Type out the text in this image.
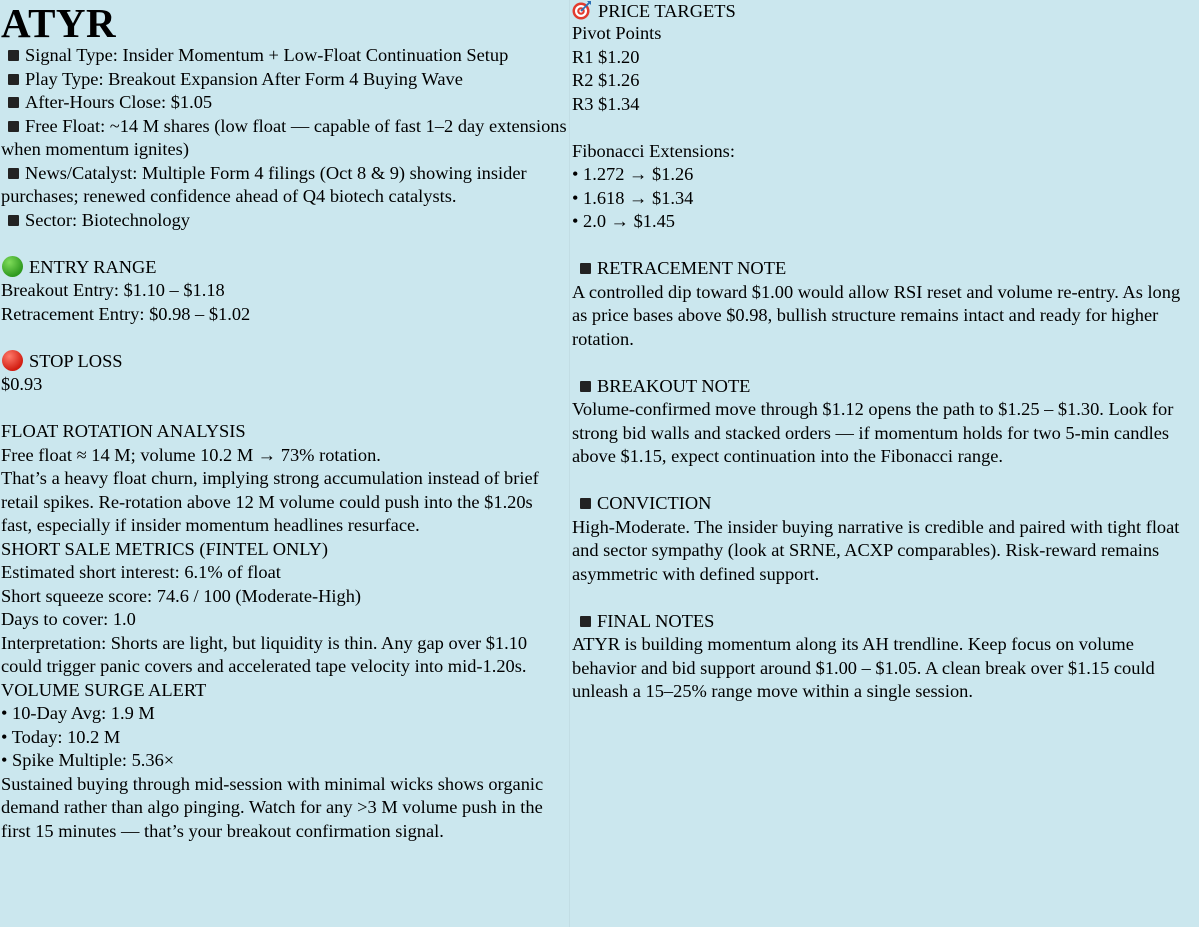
ATYR
Signal Type: Insider Momentum + Low-Float Continuation Setup
Play Type: Breakout Expansion After Form 4 Buying Wave
After-Hours Close: $1.05
Free Float: ~14 M shares (low float — capable of fast 1–2 day extensions when momentum ignites)
News/Catalyst: Multiple Form 4 filings (Oct 8 & 9) showing insider purchases; renewed confidence ahead of Q4 biotech catalysts.
Sector: Biotechnology
ENTRY RANGE
Breakout Entry: $1.10 – $1.18
Retracement Entry: $0.98 – $1.02
STOP LOSS
$0.93
FLOAT ROTATION ANALYSIS
Free float ≈ 14 M; volume 10.2 M → 73% rotation.
That’s a heavy float churn, implying strong accumulation instead of brief retail spikes. Re-rotation above 12 M volume could push into the $1.20s fast, especially if insider momentum headlines resurface.
SHORT SALE METRICS (FINTEL ONLY)
Estimated short interest: 6.1% of float
Short squeeze score: 74.6 / 100 (Moderate-High)
Days to cover: 1.0
Interpretation: Shorts are light, but liquidity is thin. Any gap over $1.10 could trigger panic covers and accelerated tape velocity into mid-1.20s.
VOLUME SURGE ALERT
• 10-Day Avg: 1.9 M
• Today: 10.2 M
• Spike Multiple: 5.36×
Sustained buying through mid-session with minimal wicks shows organic demand rather than algo pinging. Watch for any >3 M volume push in the first 15 minutes — that’s your breakout confirmation signal.
PRICE TARGETS
Pivot Points
R1 $1.20
R2 $1.26
R3 $1.34
Fibonacci Extensions:
• 1.272 → $1.26
• 1.618 → $1.34
• 2.0 → $1.45
RETRACEMENT NOTE
A controlled dip toward $1.00 would allow RSI reset and volume re-entry. As long as price bases above $0.98, bullish structure remains intact and ready for higher rotation.
BREAKOUT NOTE
Volume-confirmed move through $1.12 opens the path to $1.25 – $1.30. Look for strong bid walls and stacked orders — if momentum holds for two 5-min candles above $1.15, expect continuation into the Fibonacci range.
CONVICTION
High-Moderate. The insider buying narrative is credible and paired with tight float and sector sympathy (look at SRNE, ACXP comparables). Risk-reward remains asymmetric with defined support.
FINAL NOTES
ATYR is building momentum along its AH trendline. Keep focus on volume behavior and bid support around $1.00 – $1.05. A clean break over $1.15 could unleash a 15–25% range move within a single session.
